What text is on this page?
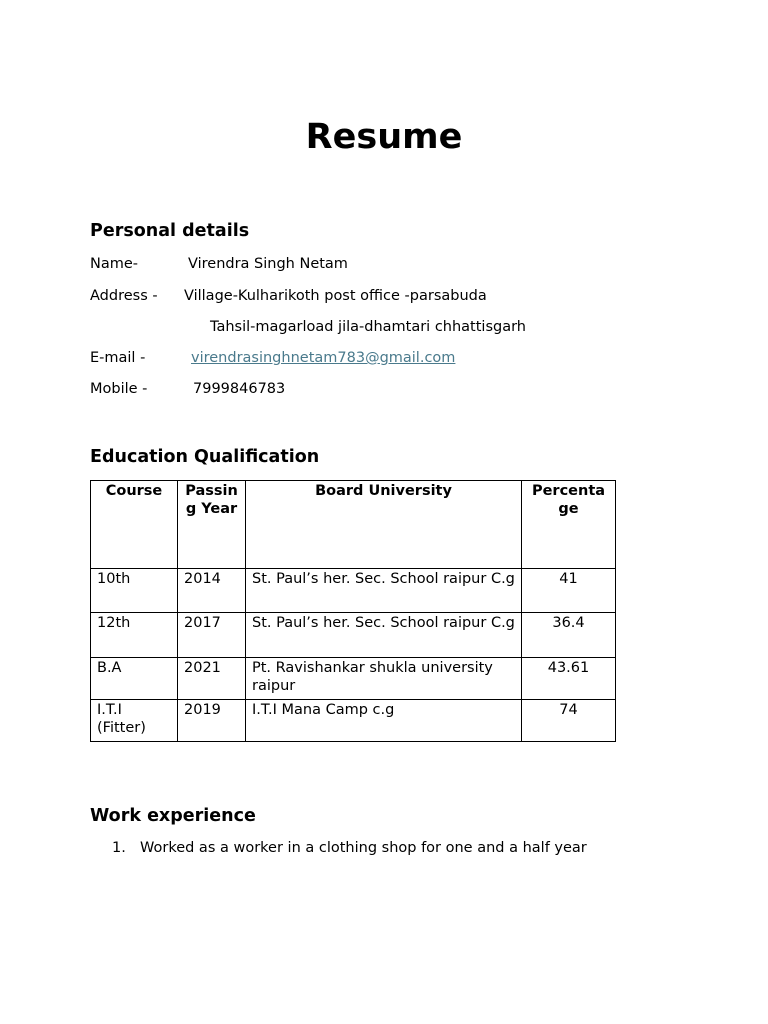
Resume
Personal details
Name-	Virendra Singh Netam
Address - Village-Kulharikoth post office -parsabuda
Tahsil-magarload jila-dhamtari chhattisgarh
E-mail -	virendrasinghnetam783@gmail.com
Mobile -	7999846783
Education Qualification
Course	Passing Year	Board University	Percentage
10th	2014	St. Paul’s her. Sec. School raipur C.g	41
12th	2017	St. Paul’s her. Sec. School raipur C.g	36.4
B.A	2021	Pt. Ravishankar shukla university raipur	43.61
I.T.I (Fitter)	2019	I.T.I Mana Camp c.g	74
Work experience
1. Worked as a worker in a clothing shop for one and a half year
